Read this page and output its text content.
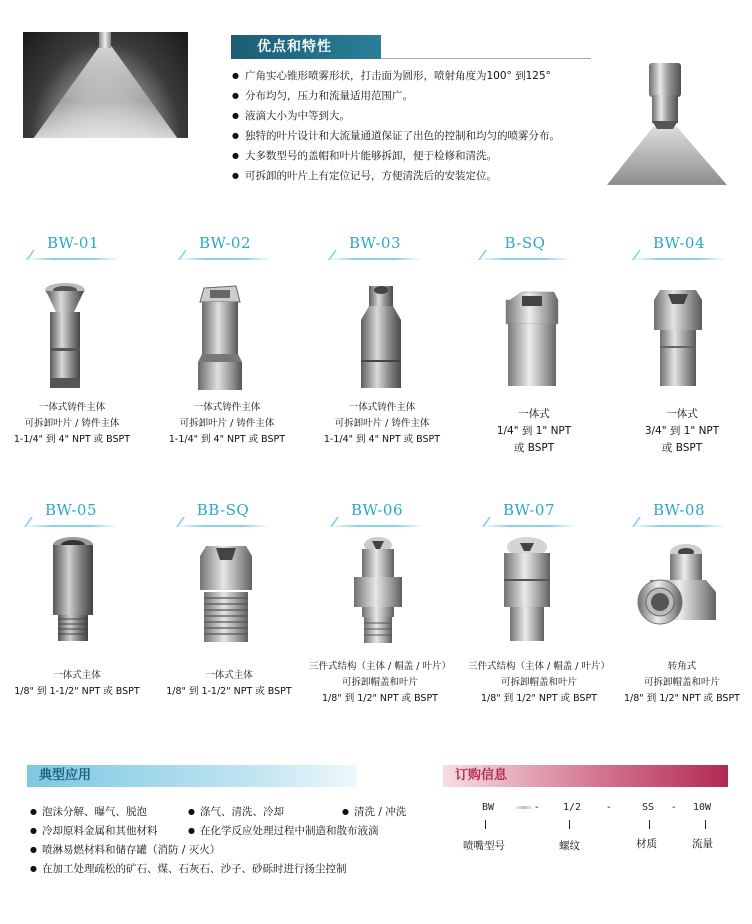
优点和特性
● 广角实心锥形喷雾形状，打击面为圆形，喷射角度为100° 到125°
● 分布均匀，压力和流量适用范围广。
● 液滴大小为中等到大。
● 独特的叶片设计和大流量通道保证了出色的控制和均匀的喷雾分布。
● 大多数型号的盖帽和叶片能够拆卸，便于检修和清洗。
● 可拆卸的叶片上有定位记号，方便清洗后的安装定位。
BW-01	BW-02	BW-03	B-SQ	BW-04
一体式铸件主体
可拆卸叶片 / 铸件主体
1-1/4" 到 4" NPT 或 BSPT
一体式铸件主体
可拆卸叶片 / 铸件主体
1-1/4" 到 4" NPT 或 BSPT
一体式铸件主体
可拆卸叶片 / 铸件主体
1-1/4" 到 4" NPT 或 BSPT
一体式
1/4" 到 1" NPT
或 BSPT
一体式
3/4" 到 1" NPT
或 BSPT
BW-05	BB-SQ	BW-06	BW-07	BW-08
一体式主体
1/8" 到 1-1/2" NPT 或 BSPT
一体式主体
1/8" 到 1-1/2" NPT 或 BSPT
三件式结构（主体 / 帽盖 / 叶片）
可拆卸帽盖和叶片
1/8" 到 1/2" NPT 或 BSPT
三件式结构（主体 / 帽盖 / 叶片）
可拆卸帽盖和叶片
1/8" 到 1/2" NPT 或 BSPT
转角式
可拆卸帽盖和叶片
1/8" 到 1/2" NPT 或 BSPT
典型应用
● 泡沫分解、曝气、脱泡	● 涤气、清洗、冷却	● 清洗 / 冲洗
● 冷却原料金属和其他材料	● 在化学反应处理过程中制造和散布液滴
● 喷淋易燃材料和储存罐（消防 / 灭火）
● 在加工处理疏松的矿石、煤、石灰石、沙子、砂砾时进行扬尘控制
订购信息
BW	- 1/2	-	SS - 10W
喷嘴型号	螺纹	材质	流量
